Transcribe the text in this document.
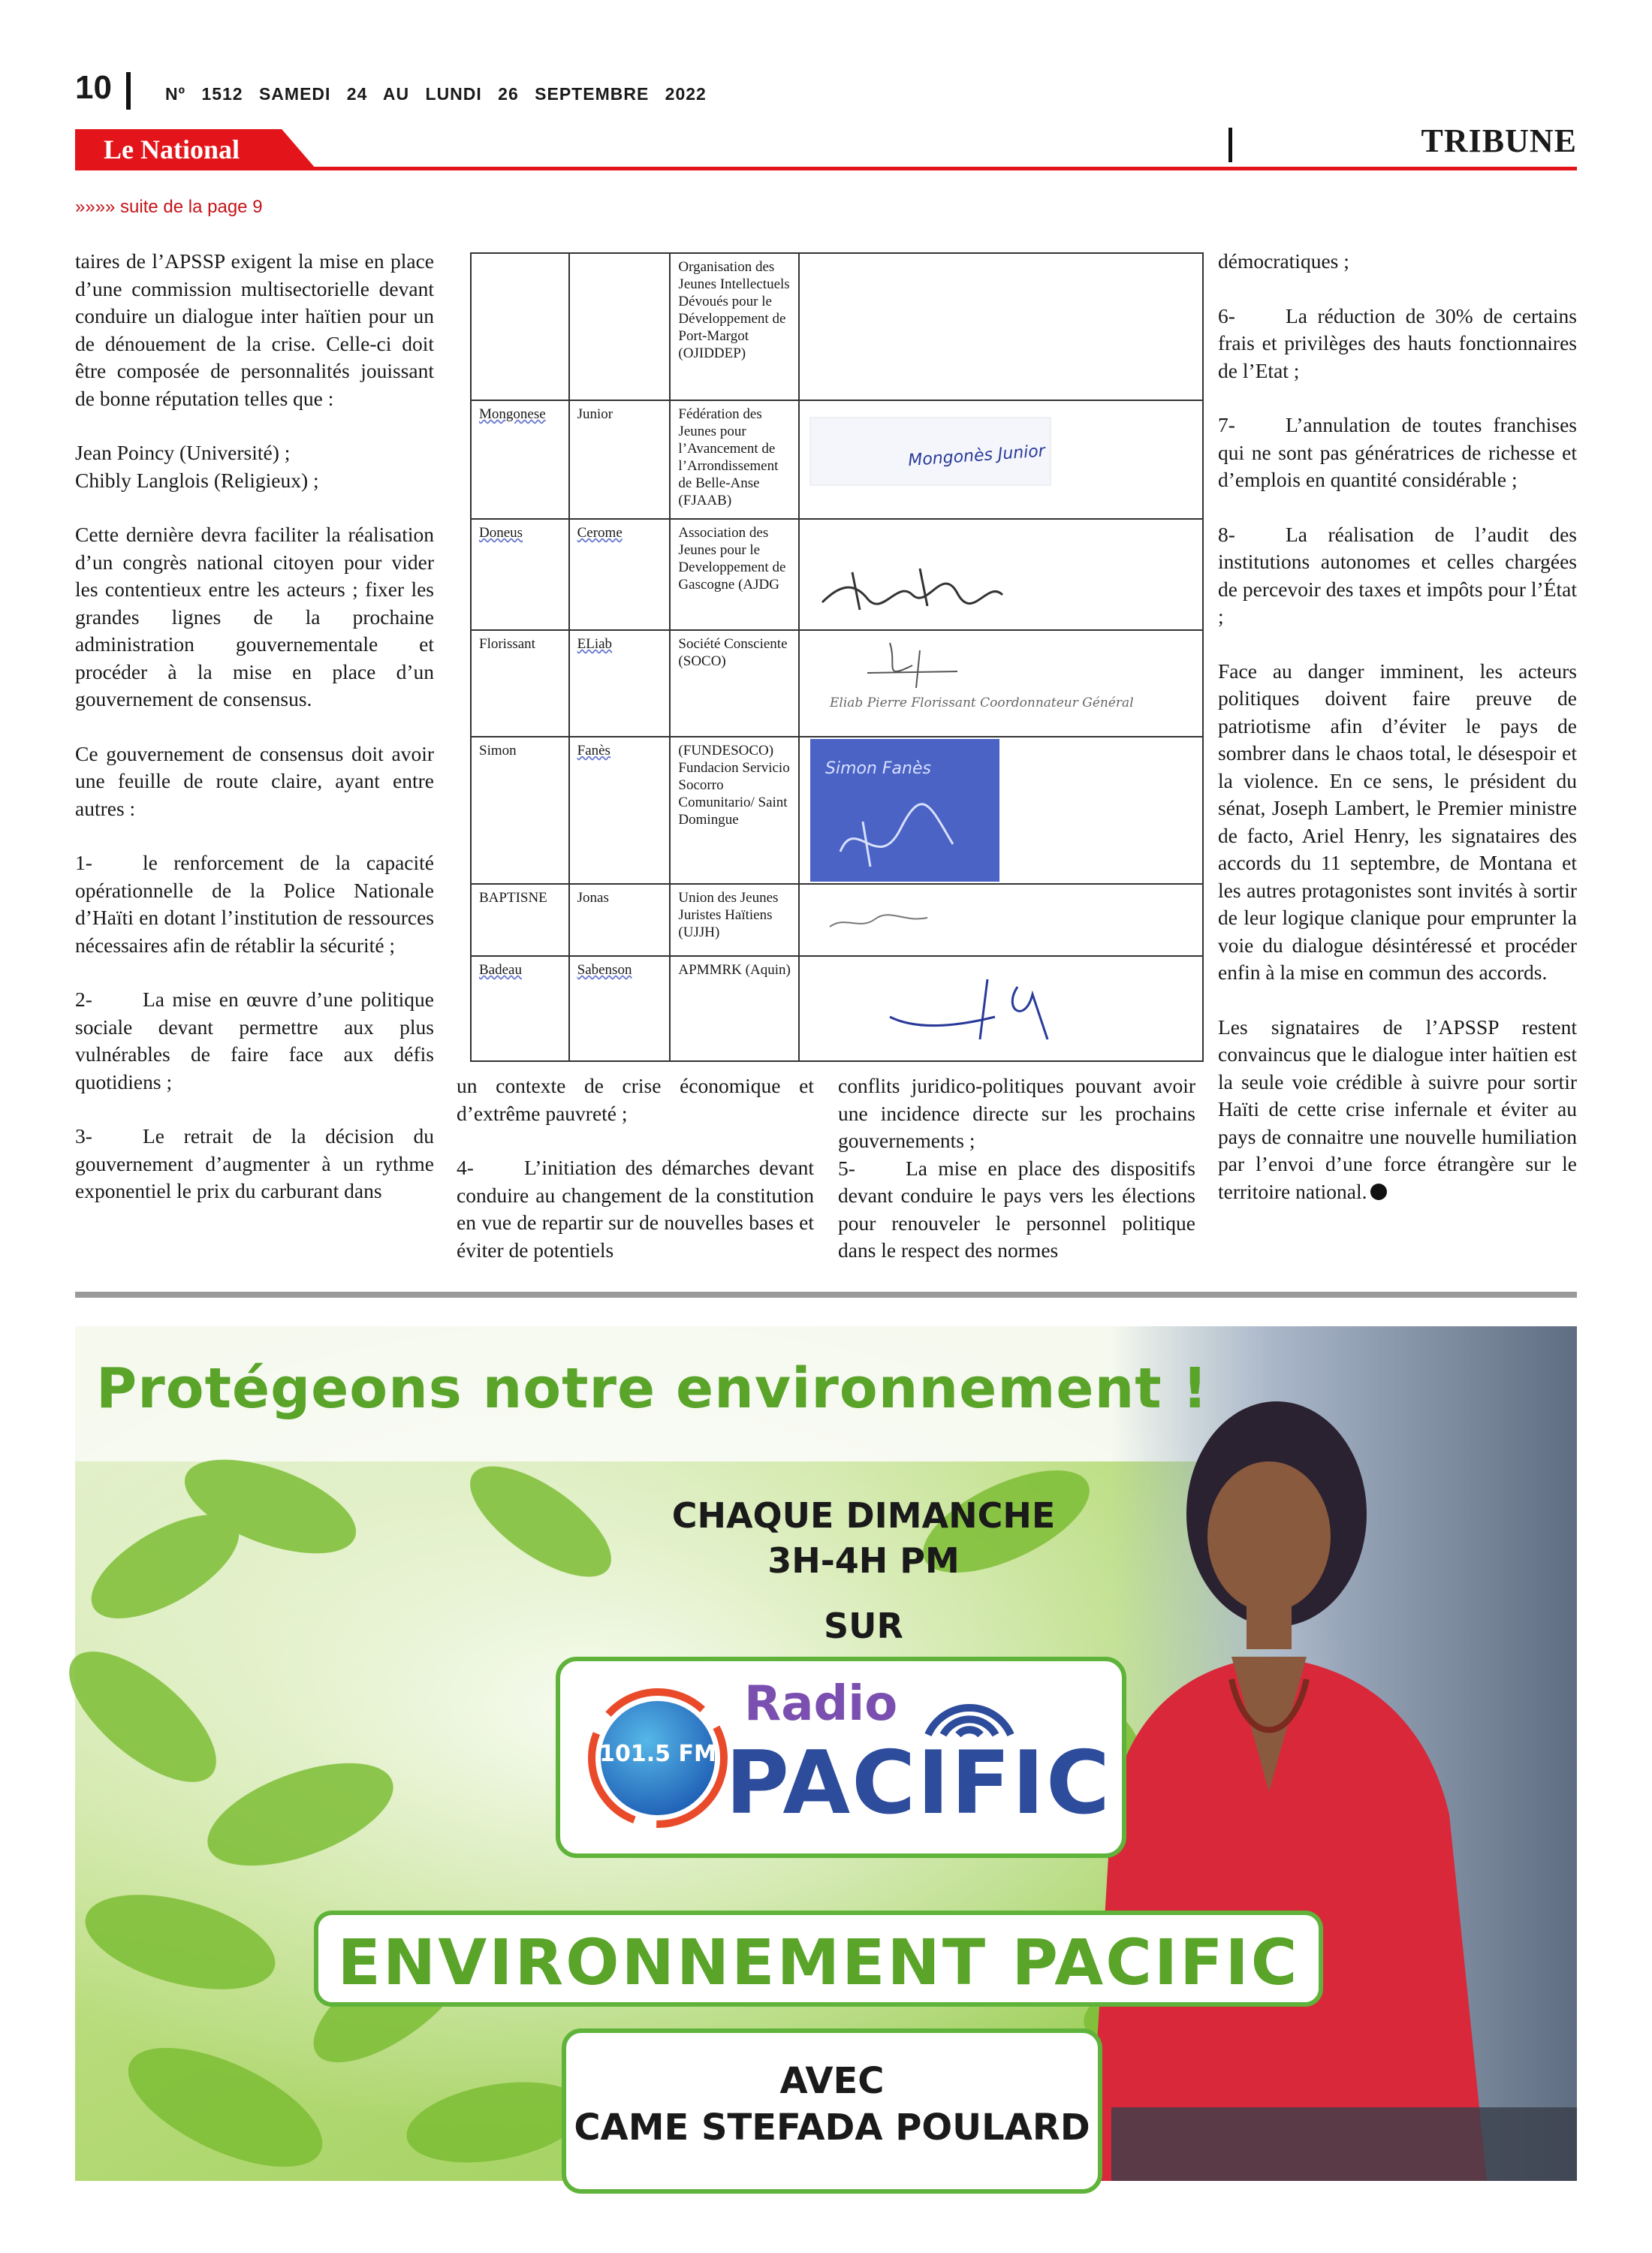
10	Nº 1512 SAMEDI 24 AU LUNDI 26 SEPTEMBRE 2022
Le National	TRIBUNE
»»»» suite de la page 9

taires de l’APSSP exigent la mise en place d’une commission multisectorielle devant conduire un dialogue inter haïtien pour un de dénouement de la crise. Celle-ci doit être composée de personnalités jouissant de bonne réputation telles que :

Jean Poincy (Université) ;

Chibly Langlois (Religieux) ;

Cette dernière devra faciliter la réalisation d’un congrès national citoyen pour vider les contentieux entre les acteurs ; fixer les grandes lignes de la prochaine administration gouvernementale et procéder à la mise en place d’un gouvernement de consensus.

Ce gouvernement de consensus doit avoir une feuille de route claire, ayant entre autres :

1- le renforcement de la capacité opérationnelle de la Police Nationale d’Haïti en dotant l’institution de ressources nécessaires afin de rétablir la sécurité ;

2- La mise en œuvre d’une politique sociale devant permettre aux plus vulnérables de faire face aux défis quotidiens ;

3- Le retrait de la décision du gouvernement d’augmenter à un rythme exponentiel le prix du carburant dans

		Organisation des Jeunes Intellectuels Dévoués pour le Développement de Port-Margot (OJIDDEP)	
Mongonese	Junior	Fédération des Jeunes pour l’Avancement de l’Arrondissement de Belle-Anse (FJAAB)	Mongonès Junior

Doneus	Cerome	Association des Jeunes pour le Developpement de Gascogne (AJDG	

Florissant	ELiab	Société Consciente (SOCO)	Eliab Pierre Florissant Coordonnateur Général

Simon	Fanès	(FUNDESOCO) Fundacion Servicio Socorro Comunitario/ Saint Domingue	Simon Fanès

BAPTISNE	Jonas	Union des Jeunes Juristes Haïtiens (UJJH)	

Badeau	Sabenson	APMMRK (Aquin)	

un contexte de crise économique et d’extrême pauvreté ;

4- L’initiation des démarches devant conduire au changement de la constitution en vue de repartir sur de nouvelles bases et éviter de potentiels

conflits juridico-politiques pouvant avoir une incidence directe sur les prochains gouvernements ;

5- La mise en place des dispositifs devant conduire le pays vers les élections pour renouveler le personnel politique dans le respect des normes

démocratiques ;

6- La réduction de 30% de certains frais et privilèges des hauts fonctionnaires de l’Etat ;

7- L’annulation de toutes franchises qui ne sont pas génératrices de richesse et d’emplois en quantité considérable ;

8- La réalisation de l’audit des institutions autonomes et celles chargées de percevoir des taxes et impôts pour l’État ;

Face au danger imminent, les acteurs politiques doivent faire preuve de patriotisme afin d’éviter le pays de sombrer dans le chaos total, le désespoir et la violence. En ce sens, le président du sénat, Joseph Lambert, le Premier ministre de facto, Ariel Henry, les signataires des accords du 11 septembre, de Montana et les autres protagonistes sont invités à sortir de leur logique clanique pour emprunter la voie du dialogue désintéressé et procéder enfin à la mise en commun des accords.

Les signataires de l’APSSP restent convaincus que le dialogue inter haïtien est la seule voie crédible à suivre pour sortir Haïti de cette crise infernale et éviter au pays de connaitre une nouvelle humiliation par l’envoi d’une force étrangère sur le territoire national.

Protégeons notre environnement !
CHAQUE DIMANCHE
3H-4H PM
SUR
101.5 FM
Radio
PACIFIC
ENVIRONNEMENT PACIFIC
AVEC
CAME STEFADA POULARD
